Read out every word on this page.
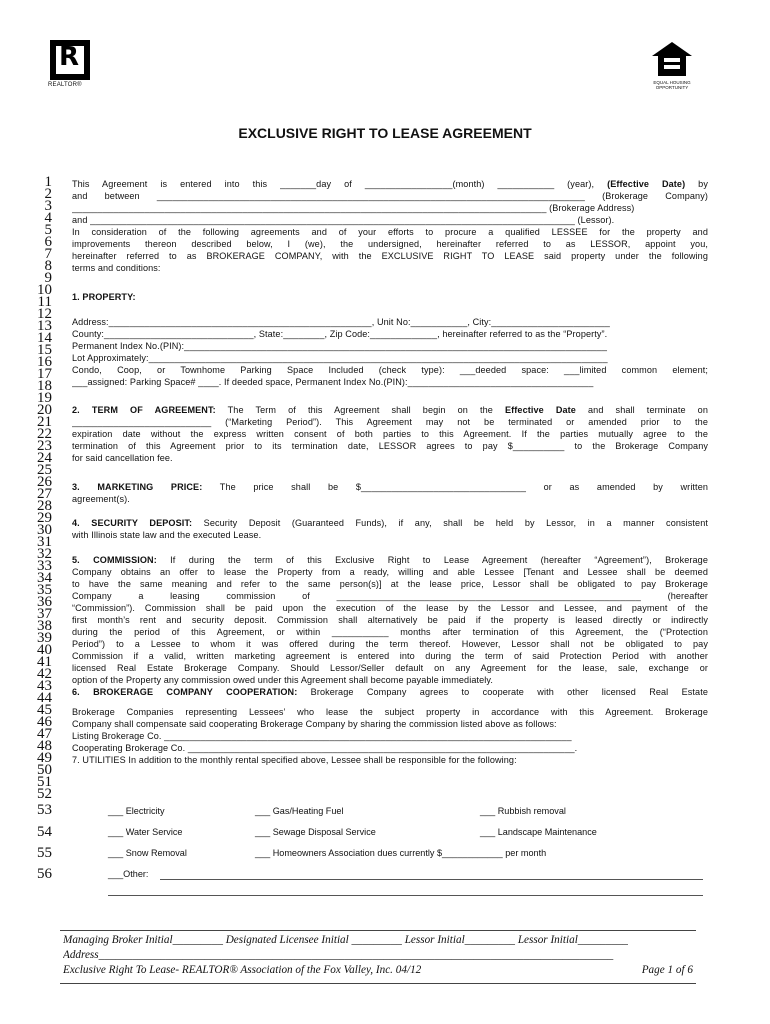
R
REALTOR®	EQUAL HOUSING OPPORTUNITY
EXCLUSIVE RIGHT TO LEASE AGREEMENT
1
2
3
4
5
6
7
8
9
10
11
12
13
14
15
16
17
18
19
20
21
22
23
24
25
26
27
28
29
30
31
32
33
34
35
36
37
38
39
40
41
42
43
44
45
46
47
48
49
50
51
52
53
54
55
56
This Agreement is entered into this _______day of _________________(month) ___________ (year), (Effective Date) by
and between ___________________________________________________________________________________ (Brokerage Company)
____________________________________________________________________________________________ (Brokerage Address)
and ______________________________________________________________________________________________ (Lessor).
In consideration of the following agreements and of your efforts to procure a qualified LESSEE for the property and
improvements thereon described below, I (we), the undersigned, hereinafter referred to as LESSOR, appoint you,
hereinafter referred to as BROKERAGE COMPANY, with the EXCLUSIVE RIGHT TO LEASE said property under the following
terms and conditions:
1. PROPERTY:
Address:___________________________________________________, Unit No:___________, City:_______________________
County:_____________________________, State:________, Zip Code:_____________, hereinafter referred to as the “Property”.
Permanent Index No.(PIN):__________________________________________________________________________________
Lot Approximately:_________________________________________________________________________________________
Condo, Coop, or Townhome Parking Space Included (check type): ___deeded space: ___limited common element;
___assigned: Parking Space# ____. If deeded space, Permanent Index No.(PIN):____________________________________
2. TERM OF AGREEMENT: The Term of this Agreement shall begin on the Effective Date and shall terminate on
___________________________ (“Marketing Period”). This Agreement may not be terminated or amended prior to the
expiration date without the express written consent of both parties to this Agreement. If the parties mutually agree to the
termination of this Agreement prior to its termination date, LESSOR agrees to pay $__________ to the Brokerage Company
for said cancellation fee.
3. MARKETING PRICE: The price shall be $________________________________ or as amended by written
agreement(s).
4. SECURITY DEPOSIT: Security Deposit (Guaranteed Funds), if any, shall be held by Lessor, in a manner consistent
with Illinois state law and the executed Lease.
5. COMMISSION: If during the term of this Exclusive Right to Lease Agreement (hereafter “Agreement”), Brokerage
Company obtains an offer to lease the Property from a ready, willing and able Lessee [Tenant and Lessee shall be deemed
to have the same meaning and refer to the same person(s)] at the lease price, Lessor shall be obligated to pay Brokerage
Company a leasing commission of ___________________________________________________________ (hereafter
“Commission”). Commission shall be paid upon the execution of the lease by the Lessor and Lessee, and payment of the
first month’s rent and security deposit. Commission shall alternatively be paid if the property is leased directly or indirectly
during the period of this Agreement, or within ___________ months after termination of this Agreement, the (“Protection
Period”) to a Lessee to whom it was offered during the term thereof. However, Lessor shall not be obligated to pay
Commission if a valid, written marketing agreement is entered into during the term of said Protection Period with another
licensed Real Estate Brokerage Company. Should Lessor/Seller default on any Agreement for the lease, sale, exchange or
option of the Property any commission owed under this Agreement shall become payable immediately.
6. BROKERAGE COMPANY COOPERATION: Brokerage Company agrees to cooperate with other licensed Real Estate
Brokerage Companies representing Lessees’ who lease the subject property in accordance with this Agreement. Brokerage
Company shall compensate said cooperating Brokerage Company by sharing the commission listed above as follows:
Listing Brokerage Co. _______________________________________________________________________________
Cooperating Brokerage Co. ___________________________________________________________________________.
7. UTILITIES In addition to the monthly rental specified above, Lessee shall be responsible for the following:
___ Electricity	___ Gas/Heating Fuel	___ Rubbish removal
___ Water Service	___ Sewage Disposal Service	___ Landscape Maintenance
___ Snow Removal	___ Homeowners Association dues currently $____________ per month
___Other:
Managing Broker Initial_________ Designated Licensee Initial _________ Lessor Initial_________ Lessor Initial_________
Address____________________________________________________________________________________________
Exclusive Right To Lease- REALTOR® Association of the Fox Valley, Inc. 04/12	Page 1 of 6
